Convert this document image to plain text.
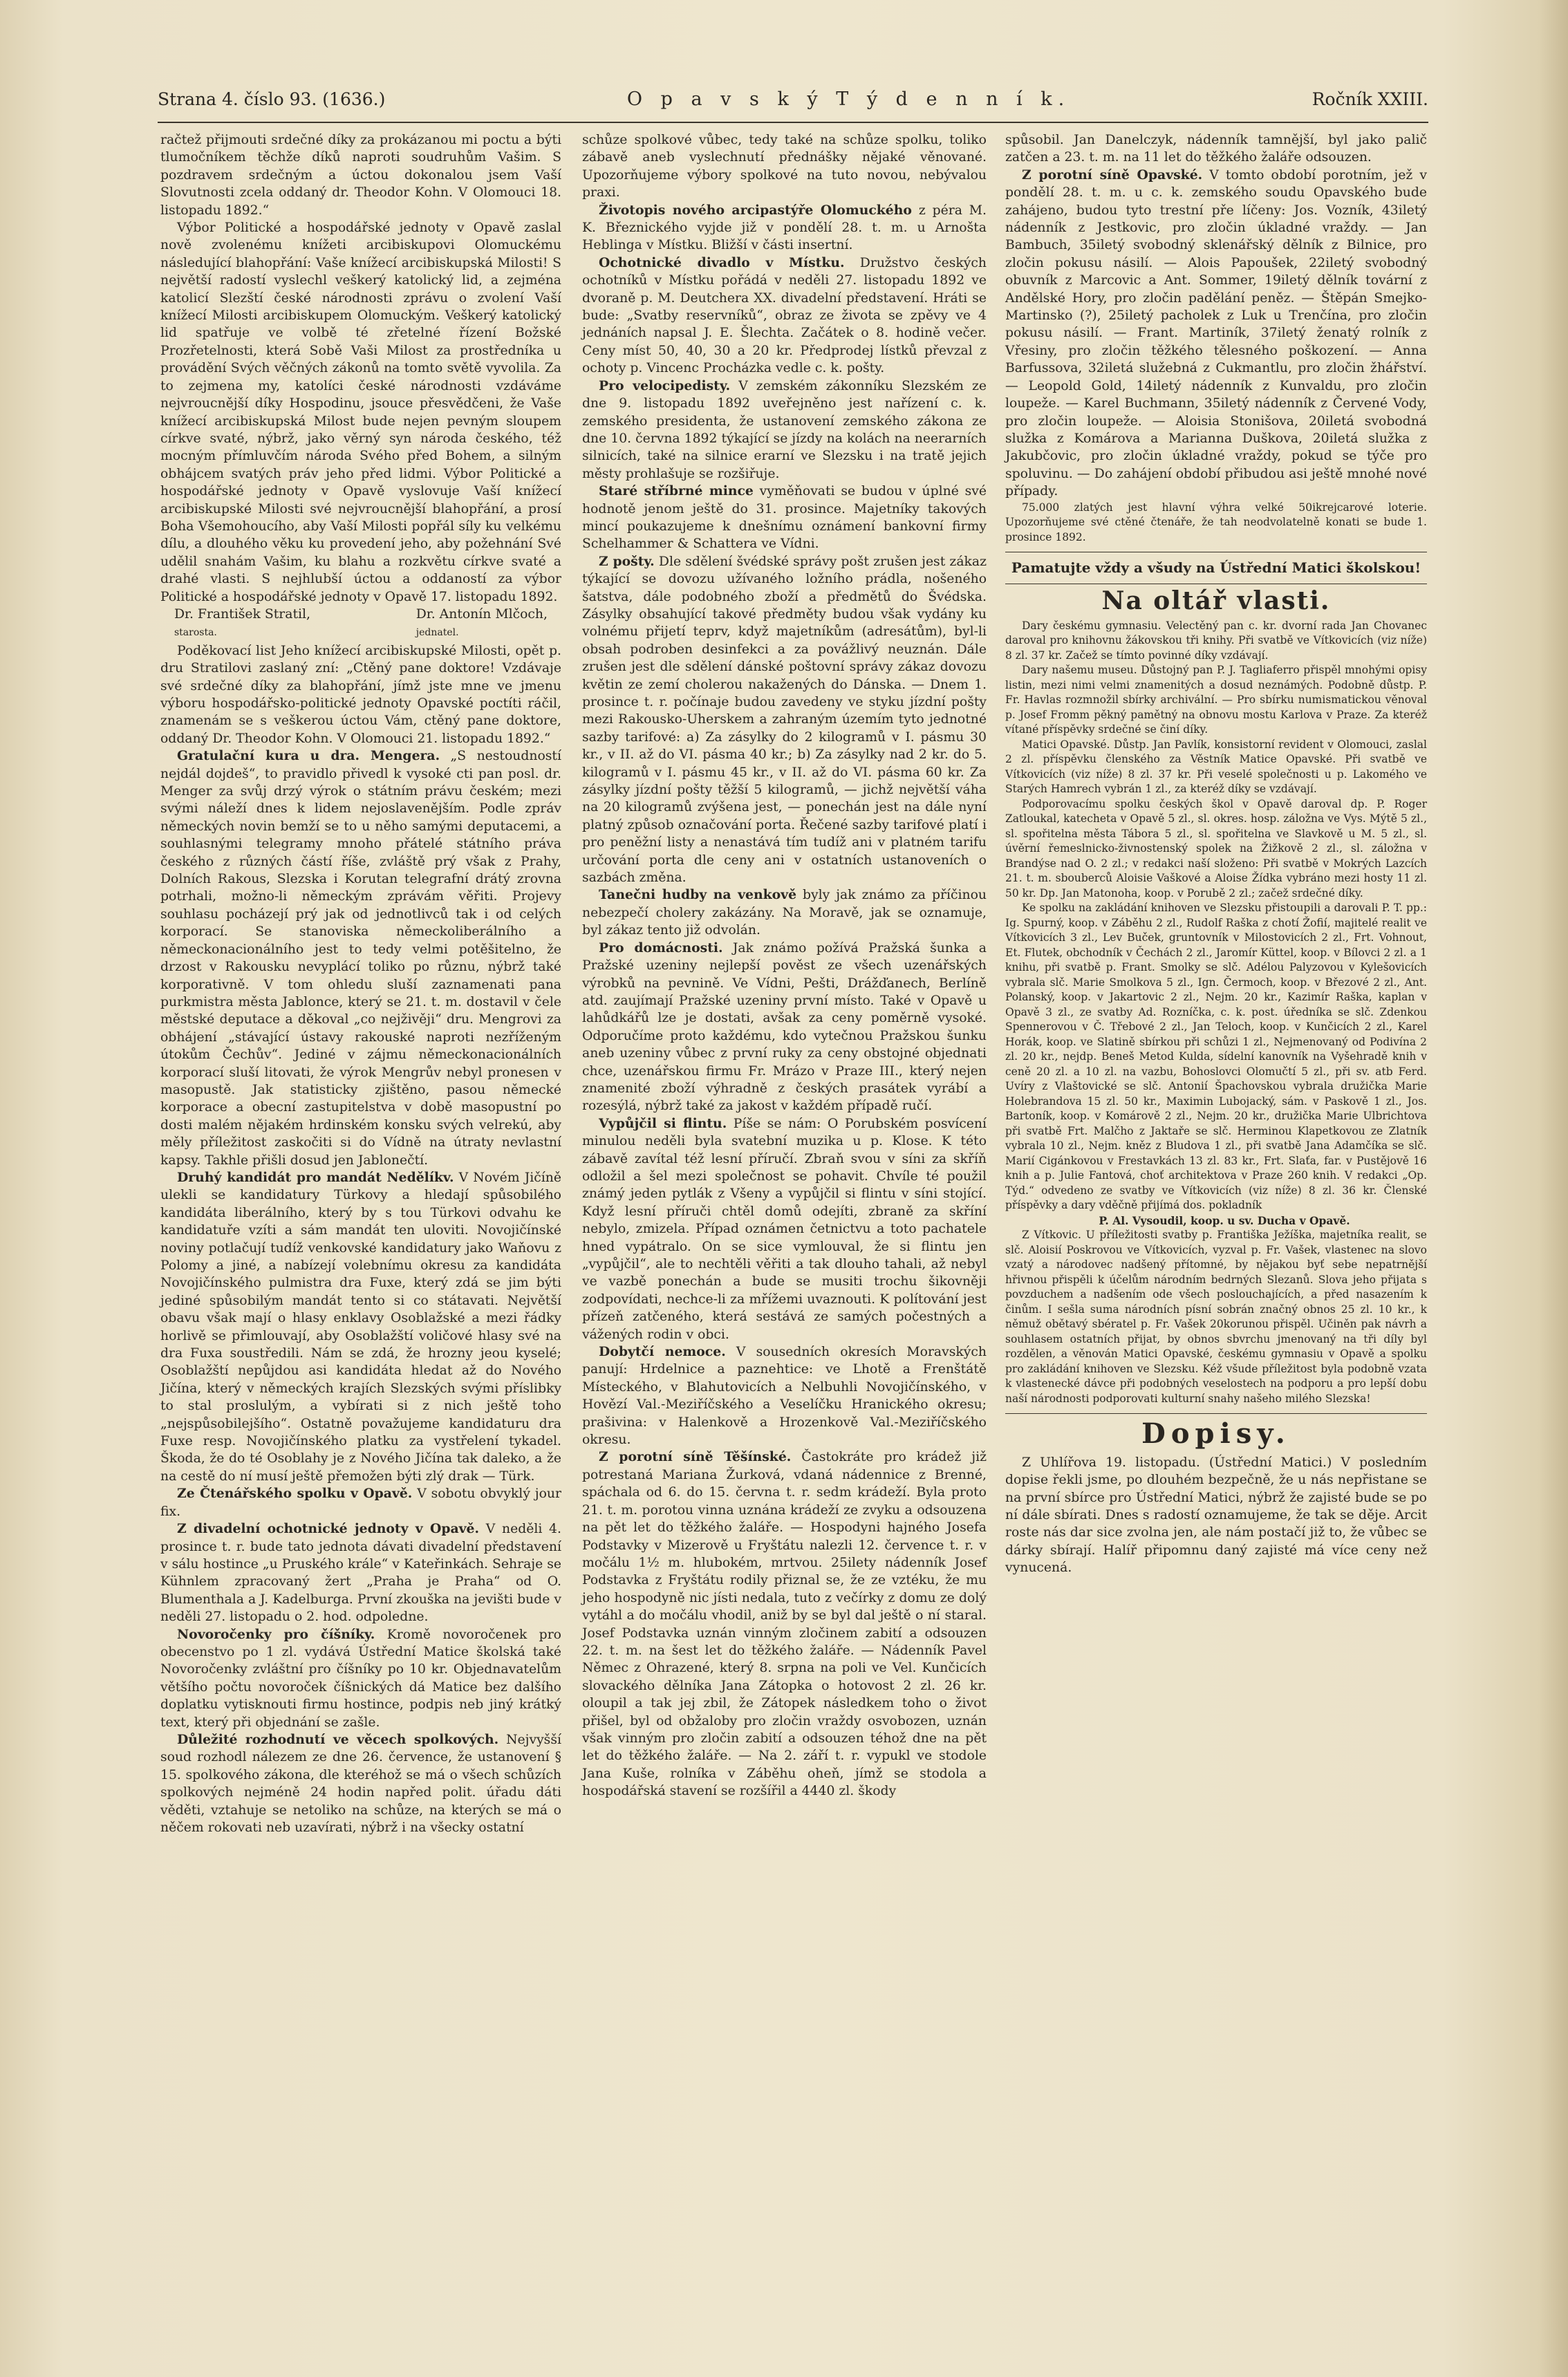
Strana 4. číslo 93. (1636.)	O p a v s k ý T ý d e n n í k.	Ročník XXIII.

račtež přijmouti srdečné díky za prokázanou mi poctu a býti tlumočníkem těchže díků naproti soudruhům Vašim. S pozdravem srdečným a úctou dokonalou jsem Vaší Slovutnosti zcela oddaný dr. Theodor Kohn. V Olomouci 18. listopadu 1892.“

Výbor Politické a hospodářské jednoty v Opavě zaslal nově zvolenému knížeti arcibiskupovi Olomuckému následující blahopřání: Vaše knížecí arcibiskupská Milosti! S největší radostí vyslechl veškerý katolický lid, a zejména katolicí Slezští české národnosti zprávu o zvolení Vaší knížecí Milosti arcibiskupem Olomuckým. Veškerý katolický lid spatřuje ve volbě té zřetelné řízení Božské Prozřetelnosti, která Sobě Vaši Milost za prostředníka u provádění Svých věčných zákonů na tomto světě vyvolila. Za to zejmena my, katolíci české národnosti vzdáváme nejvroucnější díky Hospodinu, jsouce přesvědčeni, že Vaše knížecí arcibiskupská Milost bude nejen pevným sloupem církve svaté, nýbrž, jako věrný syn národa českého, též mocným přímluvčím národa Svého před Bohem, a silným obhájcem svatých práv jeho před lidmi. Výbor Politické a hospodářské jednoty v Opavě vyslovuje Vaší knížecí arcibiskupské Milosti své nejvroucnější blahopřání, a prosí Boha Všemohoucího, aby Vaší Milosti popřál síly ku velkému dílu, a dlouhého věku ku provedení jeho, aby požehnání Své udělil snahám Vašim, ku blahu a rozkvětu církve svaté a drahé vlasti. S nejhlubší úctou a oddaností za výbor Politické a hospodářské jednoty v Opavě 17. listopadu 1892.

Dr. František Stratil,
starosta.
Dr. Antonín Mlčoch,
jednatel.

Poděkovací list Jeho knížecí arcibiskupské Milosti, opět p. dru Stratilovi zaslaný zní: „Ctěný pane doktore! Vzdávaje své srdečné díky za blahopřání, jímž jste mne ve jmenu výboru hospodářsko-politické jednoty Opavské poctíti ráčil, znamenám se s veškerou úctou Vám, ctěný pane doktore, oddaný Dr. Theodor Kohn. V Olomouci 21. listopadu 1892.“

Gratulační kura u dra. Mengera. „S nestoudností nejdál dojdeš“, to pravidlo přivedl k vysoké cti pan posl. dr. Menger za svůj drzý výrok o státním právu českém; mezi svými náleží dnes k lidem nejoslavenějším. Podle zpráv německých novin bemží se to u něho samými deputacemi, a souhlasnými telegramy mnoho přátelé státního práva českého z různých částí říše, zvláště prý však z Prahy, Dolních Rakous, Slezska i Korutan telegrafní drátý zrovna potrhali, možno-li německým zprávám věřiti. Projevy souhlasu pocházejí prý jak od jednotlivců tak i od celých korporací. Se stanoviska německoliberálního a německonacionálního jest to tedy velmi potěšitelno, že drzost v Rakousku nevyplácí toliko po různu, nýbrž také korporativně. V tom ohledu sluší zaznamenati pana purkmistra města Jablonce, který se 21. t. m. dostavil v čele městské deputace a děkoval „co nejživěji“ dru. Mengrovi za obhájení „stávající ústavy rakouské naproti nezříženým útokům Čechův“. Jediné v zájmu německonacionálních korporací sluší litovati, že výrok Mengrův nebyl pronesen v masopustě. Jak statisticky zjištěno, pasou německé korporace a obecní zastupitelstva v době masopustní po dosti malém nějakém hrdinském konsku svých velrekú, aby měly příležitost zaskočiti si do Vídně na útraty nevlastní kapsy. Takhle přišli dosud jen Jablonečtí.

Druhý kandidát pro mandát Nedělíkv. V Novém Jičíně ulekli se kandidatury Türkovy a hledají spůsobilého kandidáta liberálního, který by s tou Türkovi odvahu ke kandidatuře vzíti a sám mandát ten uloviti. Novojičínské noviny potlačují tudíž venkovské kandidatury jako Waňovu z Polomy a jiné, a nabízejí volebnímu okresu za kandidáta Novojičínského pulmistra dra Fuxe, který zdá se jim býti jediné spůsobilým mandát tento si co státavati. Největší obavu však mají o hlasy enklavy Osoblažské a mezi řádky horlivě se přimlouvají, aby Osoblažští voličové hlasy své na dra Fuxa soustředili. Nám se zdá, že hrozny jeou kyselé; Osoblažští nepůjdou asi kandidáta hledat až do Nového Jičína, který v německých krajích Slezských svými příslibky to stal proslulým, a vybírati si z nich ještě toho „nejspůsobilejšího“. Ostatně považujeme kandidaturu dra Fuxe resp. Novojičínského platku za vystřelení tykadel. Škoda, že do té Osoblahy je z Nového Jičína tak daleko, a že na cestě do ní musí ještě přemožen býti zlý drak — Türk.

Ze Čtenářského spolku v Opavě. V sobotu obvyklý jour fix.

Z divadelní ochotnické jednoty v Opavě. V neděli 4. prosince t. r. bude tato jednota dávati divadelní představení v sálu hostince „u Pruského krále“ v Kateřinkách. Sehraje se Kühnlem zpracovaný žert „Praha je Praha“ od O. Blumenthala a J. Kadelburga. První zkouška na jevišti bude v neděli 27. listopadu o 2. hod. odpoledne.

Novoročenky pro číšníky. Kromě novoročenek pro obecenstvo po 1 zl. vydává Ústřední Matice školská také Novoročenky zvláštní pro číšníky po 10 kr. Objednavatelům většího počtu novoroček číšnických dá Matice bez dalšího doplatku vytisknouti firmu hostince, podpis neb jiný krátký text, který při objednání se zašle.

Důležité rozhodnutí ve věcech spolkových. Nejvyšší soud rozhodl nálezem ze dne 26. července, že ustanovení § 15. spolkového zákona, dle kteréhož se má o všech schůzích spolkových nejméně 24 hodin napřed polit. úřadu dáti věděti, vztahuje se netoliko na schůze, na kterých se má o něčem rokovati neb uzavírati, nýbrž i na všecky ostatní

schůze spolkové vůbec, tedy také na schůze spolku, toliko zábavě aneb vyslechnutí přednášky nějaké věnované. Upozorňujeme výbory spolkové na tuto novou, nebývalou praxi.

Životopis nového arcipastýře Olomuckého z péra M. K. Březnického vyjde již v pondělí 28. t. m. u Arnošta Heblinga v Místku. Bližší v části insertní.

Ochotnické divadlo v Místku. Družstvo českých ochotníků v Místku pořádá v neděli 27. listopadu 1892 ve dvoraně p. M. Deutchera XX. divadelní představení. Hráti se bude: „Svatby reservníků“, obraz ze života se zpěvy ve 4 jednáních napsal J. E. Šlechta. Začátek o 8. hodině večer. Ceny míst 50, 40, 30 a 20 kr. Předprodej lístků převzal z ochoty p. Vincenc Procházka vedle c. k. pošty.

Pro velocipedisty. V zemském zákonníku Slezském ze dne 9. listopadu 1892 uveřejněno jest nařízení c. k. zemského presidenta, že ustanovení zemského zákona ze dne 10. června 1892 týkající se jízdy na kolách na neerarních silnicích, také na silnice erarní ve Slezsku i na tratě jejich městy prohlašuje se rozšiřuje.

Staré stříbrné mince vyměňovati se budou v úplné své hodnotě jenom ještě do 31. prosince. Majetníky takových mincí poukazujeme k dnešnímu oznámení bankovní firmy Schelhammer & Schattera ve Vídni.

Z pošty. Dle sdělení švédské správy pošt zrušen jest zákaz týkající se dovozu užívaného ložního prádla, nošeného šatstva, dále podobného zboží a předmětů do Švédska. Zásylky obsahující takové předměty budou však vydány ku volnému přijetí teprv, když majetníkům (adresátům), byl-li obsah podroben desinfekci a za povážlivý neuznán. Dále zrušen jest dle sdělení dánské poštovní správy zákaz dovozu květin ze zemí cholerou nakažených do Dánska. — Dnem 1. prosince t. r. počínaje budou zavedeny ve styku jízdní pošty mezi Rakousko-Uherskem a zahraným územím tyto jednotné sazby tarifové: a) Za zásylky do 2 kilogramů v I. pásmu 30 kr., v II. až do VI. pásma 40 kr.; b) Za zásylky nad 2 kr. do 5. kilogramů v I. pásmu 45 kr., v II. až do VI. pásma 60 kr. Za zásylky jízdní pošty těžší 5 kilogramů, — jichž největší váha na 20 kilogramů zvýšena jest, — ponechán jest na dále nyní platný způsob označování porta. Řečené sazby tarifové platí i pro peněžní listy a nenastává tím tudíž ani v platném tarifu určování porta dle ceny ani v ostatních ustanoveních o sazbách změna.

Tanečni hudby na venkově byly jak známo za příčinou nebezpečí cholery zakázány. Na Moravě, jak se oznamuje, byl zákaz tento již odvolán.

Pro domácnosti. Jak známo požívá Pražská šunka a Pražské uzeniny nejlepší pověst ze všech uzenářských výrobků na pevnině. Ve Vídni, Pešti, Drážďanech, Berlíně atd. zaujímají Pražské uzeniny první místo. Také v Opavě u lahůdkářů lze je dostati, avšak za ceny poměrně vysoké. Odporučíme proto každému, kdo vytečnou Pražskou šunku aneb uzeniny vůbec z první ruky za ceny obstojné objednati chce, uzenářskou firmu Fr. Mrázo v Praze III., který nejen znamenité zboží výhradně z českých prasátek vyrábí a rozesýlá, nýbrž také za jakost v každém případě ručí.

Vypůjčil si flintu. Píše se nám: O Porubském posvícení minulou neděli byla svatební muzika u p. Klose. K této zábavě zavítal též lesní příručí. Zbraň svou v síni za skříň odložil a šel mezi společnost se pohavit. Chvíle té použil známý jeden pytlák z Všeny a vypůjčil si flintu v síni stojící. Když lesní příruči chtěl domů odejíti, zbraně za skříní nebylo, zmizela. Případ oznámen četnictvu a toto pachatele hned vypátralo. On se sice vymlouval, že si flintu jen „vypůjčil“, ale to nechtěli věřiti a tak dlouho tahali, až nebyl ve vazbě ponechán a bude se musiti trochu šikovněji zodpovídati, nechce-li za mřížemi uvaznouti. K polítování jest přízeň zatčeného, která sestává ze samých počestných a vážených rodin v obci.

Dobytčí nemoce. V sousedních okresích Moravských panují: Hrdelnice a paznehtice: ve Lhotě a Frenštátě Místeckého, v Blahutovicích a Nelbuhli Novojičínského, v Hovězí Val.-Meziříčského a Veselíčku Hranického okresu; prašivina: v Halenkově a Hrozenkově Val.-Meziříčského okresu.

Z porotní síně Těšínské. Častokráte pro krádež již potrestaná Mariana Žurková, vdaná nádennice z Brenné, spáchala od 6. do 15. června t. r. sedm krádeží. Byla proto 21. t. m. porotou vinna uznána krádeží ze zvyku a odsouzena na pět let do těžkého žaláře. — Hospodyni hajného Josefa Podstavky v Mizerově u Fryštátu nalezli 12. července t. r. v močálu 1½ m. hlubokém, mrtvou. 25ilety nádenník Josef Podstavka z Fryštátu rodily přiznal se, že ze vztéku, že mu jeho hospodyně nic jísti nedala, tuto z večírky z domu ze dolý vytáhl a do močálu vhodil, aniž by se byl dal ještě o ní staral. Josef Podstavka uznán vinným zločinem zabití a odsouzen 22. t. m. na šest let do těžkého žaláře. — Nádenník Pavel Němec z Ohrazené, který 8. srpna na poli ve Vel. Kunčicích slovackého dělníka Jana Zátopka o hotovost 2 zl. 26 kr. oloupil a tak jej zbil, že Zátopek následkem toho o život přišel, byl od obžaloby pro zločin vraždy osvobozen, uznán však vinným pro zločin zabití a odsouzen téhož dne na pět let do těžkého žaláře. — Na 2. září t. r. vypukl ve stodole Jana Kuše, rolníka v Záběhu oheň, jímž se stodola a hospodářská stavení se rozšířil a 4440 zl. škody

spůsobil. Jan Danelczyk, nádenník tamnější, byl jako palič zatčen a 23. t. m. na 11 let do těžkého žaláře odsouzen.

Z porotní síně Opavské. V tomto období porotním, jež v pondělí 28. t. m. u c. k. zemského soudu Opavského bude zahájeno, budou tyto trestní pře líčeny: Jos. Vozník, 43iletý nádenník z Jestkovic, pro zločin úkladné vraždy. — Jan Bambuch, 35iletý svobodný sklenářský dělník z Bilnice, pro zločin pokusu násilí. — Alois Papoušek, 22iletý svobodný obuvník z Marcovic a Ant. Sommer, 19iletý dělník tovární z Andělské Hory, pro zločin padělání peněz. — Štěpán Smejko-Martinsko (?), 25iletý pacholek z Luk u Trenčína, pro zločin pokusu násilí. — Frant. Martiník, 37iletý ženatý rolník z Vřesiny, pro zločin těžkého tělesného poškození. — Anna Barfussova, 32iletá služebná z Cukmantlu, pro zločin žhářství. — Leopold Gold, 14iletý nádenník z Kunvaldu, pro zločin loupeže. — Karel Buchmann, 35iletý nádenník z Červené Vody, pro zločin loupeže. — Aloisia Stonišova, 20iletá svobodná služka z Komárova a Marianna Duškova, 20iletá služka z Jakubčovic, pro zločin úkladné vraždy, pokud se týče pro spoluvinu. — Do zahájení období přibudou asi ještě mnohé nové případy.

75.000 zlatých jest hlavní výhra velké 50ikrejcarové loterie. Upozorňujeme své ctěné čtenáře, že tah neodvolatelně konati se bude 1. prosince 1892.

Pamatujte vždy a všudy na Ústřední Matici školskou!
Na oltář vlasti.

Dary českému gymnasiu. Velectěný pan c. kr. dvorní rada Jan Chovanec daroval pro knihovnu žákovskou tři knihy. Při svatbě ve Vítkovicích (viz níže) 8 zl. 37 kr. Začež se tímto povinné díky vzdávají.

Dary našemu museu. Důstojný pan P. J. Tagliaferro přispěl mnohými opisy listin, mezi nimi velmi znamenitých a dosud neznámých. Podobně důstp. P. Fr. Havlas rozmnožil sbírky archivální. — Pro sbírku numismatickou věnoval p. Josef Fromm pěkný pamětný na obnovu mostu Karlova v Praze. Za kteréž vítané příspěvky srdečné se činí díky.

Matici Opavské. Důstp. Jan Pavlík, konsistorní revident v Olomouci, zaslal 2 zl. příspěvku členského za Věstník Matice Opavské. Při svatbě ve Vítkovicích (viz níže) 8 zl. 37 kr. Při veselé společnosti u p. Lakomého ve Starých Hamrech vybrán 1 zl., za kteréž díky se vzdávají.

Podporovacímu spolku českých škol v Opavě daroval dp. P. Roger Zatloukal, katecheta v Opavě 5 zl., sl. okres. hosp. záložna ve Vys. Mýtě 5 zl., sl. spořitelna města Tábora 5 zl., sl. spořitelna ve Slavkově u M. 5 zl., sl. úvěrní řemeslnicko-živnostenský spolek na Žižkově 2 zl., sl. záložna v Brandýse nad O. 2 zl.; v redakci naší složeno: Při svatbě v Mokrých Lazcích 21. t. m. sbouberců Aloisie Vaškové a Aloise Žídka vybráno mezi hosty 11 zl. 50 kr. Dp. Jan Matonoha, koop. v Porubě 2 zl.; začež srdečné díky.

Ke spolku na zakládání knihoven ve Slezsku přistoupili a darovali P. T. pp.: Ig. Spurný, koop. v Záběhu 2 zl., Rudolf Raška z chotí Žofií, majitelé realit ve Vítkovicích 3 zl., Lev Buček, gruntovník v Milostovicích 2 zl., Frt. Vohnout, Et. Flutek, obchodník v Čechách 2 zl., Jaromír Küttel, koop. v Bílovci 2 zl. a 1 knihu, při svatbě p. Frant. Smolky se slč. Adélou Palyzovou v Kylešovicích vybrala slč. Marie Smolkova 5 zl., Ign. Čermoch, koop. v Březové 2 zl., Ant. Polanský, koop. v Jakartovic 2 zl., Nejm. 20 kr., Kazimír Raška, kaplan v Opavě 3 zl., ze svatby Ad. Rozníčka, c. k. post. úředníka se slč. Zdenkou Spennerovou v Č. Třebové 2 zl., Jan Teloch, koop. v Kunčicích 2 zl., Karel Horák, koop. ve Slatině sbírkou při schůzi 1 zl., Nejmenovaný od Podivína 2 zl. 20 kr., nejdp. Beneš Metod Kulda, sídelní kanovník na Vyšehradě knih v ceně 20 zl. a 10 zl. na vazbu, Bohoslovci Olomučtí 5 zl., při sv. atb Ferd. Uvíry z Vlaštovické se slč. Antonií Špachovskou vybrala družička Marie Holebrandova 15 zl. 50 kr., Maximin Lubojacký, sám. v Paskově 1 zl., Jos. Bartoník, koop. v Komárově 2 zl., Nejm. 20 kr., družička Marie Ulbrichtova při svatbě Frt. Malčho z Jaktaře se slč. Herminou Klapetkovou ze Zlatník vybrala 10 zl., Nejm. kněz z Bludova 1 zl., při svatbě Jana Adamčíka se slč. Marií Cigánkovou v Frestavkách 13 zl. 83 kr., Frt. Slaťa, far. v Pustějově 16 knih a p. Julie Fantová, choť architektova v Praze 260 knih. V redakci „Op. Týd.“ odvedeno ze svatby ve Vítkovicích (viz níže) 8 zl. 36 kr. Členské příspěvky a dary vděčně přijímá dos. pokladník

P. Al. Vysoudil, koop. u sv. Ducha v Opavě.

Z Vítkovic. U příležitosti svatby p. Františka Ježíška, majetníka realit, se slč. Aloisií Poskrovou ve Vítkovicích, vyzval p. Fr. Vašek, vlastenec na slovo vzatý a národovec nadšený přítomné, by nějakou byť sebe nepatrnější hřivnou přispěli k účelům národním bedrných Slezanů. Slova jeho přijata s povzduchem a nadšením ode všech poslouchajících, a před nasazením k činům. I sešla suma národních písní sobrán značný obnos 25 zl. 10 kr., k němuž obětavý sbératel p. Fr. Vašek 20korunou přispěl. Učiněn pak návrh a souhlasem ostatních přijat, by obnos sbvrchu jmenovaný na tři díly byl rozdělen, a věnován Matici Opavské, českému gymnasiu v Opavě a spolku pro zakládání knihoven ve Slezsku. Kéž všude příležitost byla podobně vzata k vlastenecké dávce při podobných veselostech na podporu a pro lepší dobu naší národnosti podporovati kulturní snahy našeho milého Slezska!

Dopisy.

Z Uhlířova 19. listopadu. (Ústřední Matici.) V posledním dopise řekli jsme, po dlouhém bezpečně, že u nás nepřistane se na první sbírce pro Ústřední Matici, nýbrž že zajisté bude se po ní dále sbírati. Dnes s radostí oznamujeme, že tak se děje. Arcit roste nás dar sice zvolna jen, ale nám postačí již to, že vůbec se dárky sbírají. Halíř připomnu daný zajisté má více ceny než vynucená.
